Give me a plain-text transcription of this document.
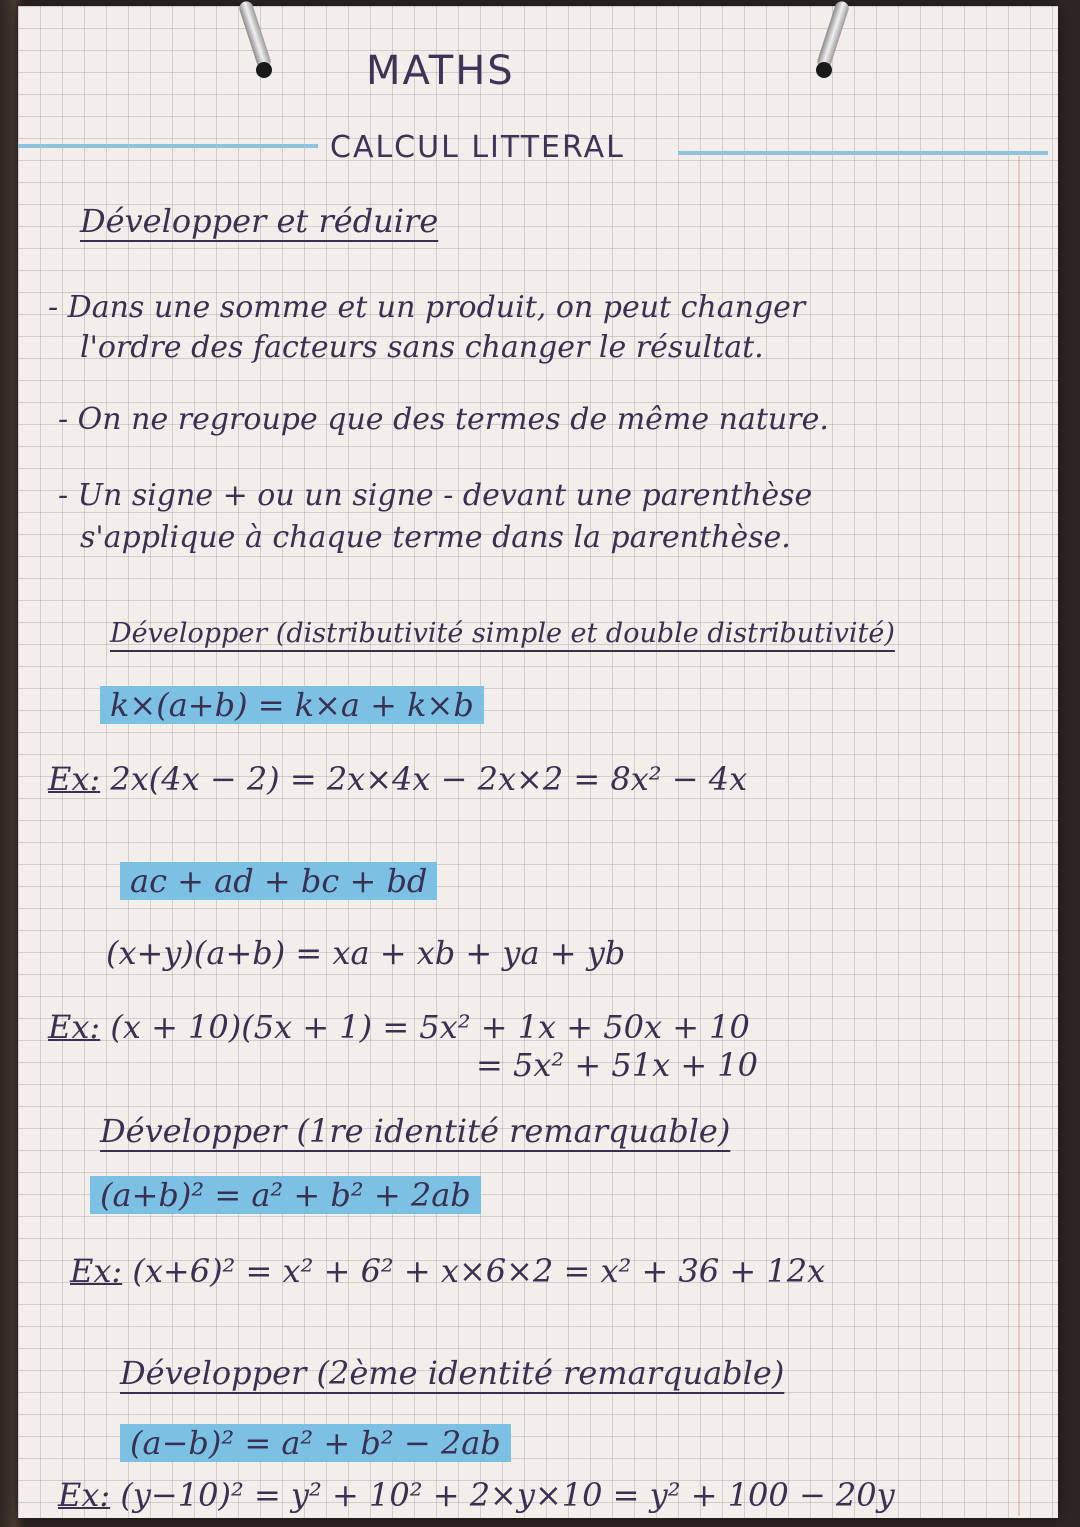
MATHS
CALCUL LITTERAL
Développer et réduire
- Dans une somme et un produit, on peut changer
l'ordre des facteurs sans changer le résultat.
- On ne regroupe que des termes de même nature.
- Un signe + ou un signe - devant une parenthèse
s'applique à chaque terme dans la parenthèse.
Développer (distributivité simple et double distributivité)
k×(a+b) = k×a + k×b
Ex: 2x(4x − 2) = 2x×4x − 2x×2 = 8x² − 4x
ac + ad + bc + bd
(x+y)(a+b) = xa + xb + ya + yb
Ex: (x + 10)(5x + 1) = 5x² + 1x + 50x + 10
= 5x² + 51x + 10
Développer (1re identité remarquable)
(a+b)² = a² + b² + 2ab
Ex: (x+6)² = x² + 6² + x×6×2 = x² + 36 + 12x
Développer (2ème identité remarquable)
(a−b)² = a² + b² − 2ab
Ex: (y−10)² = y² + 10² + 2×y×10 = y² + 100 − 20y
